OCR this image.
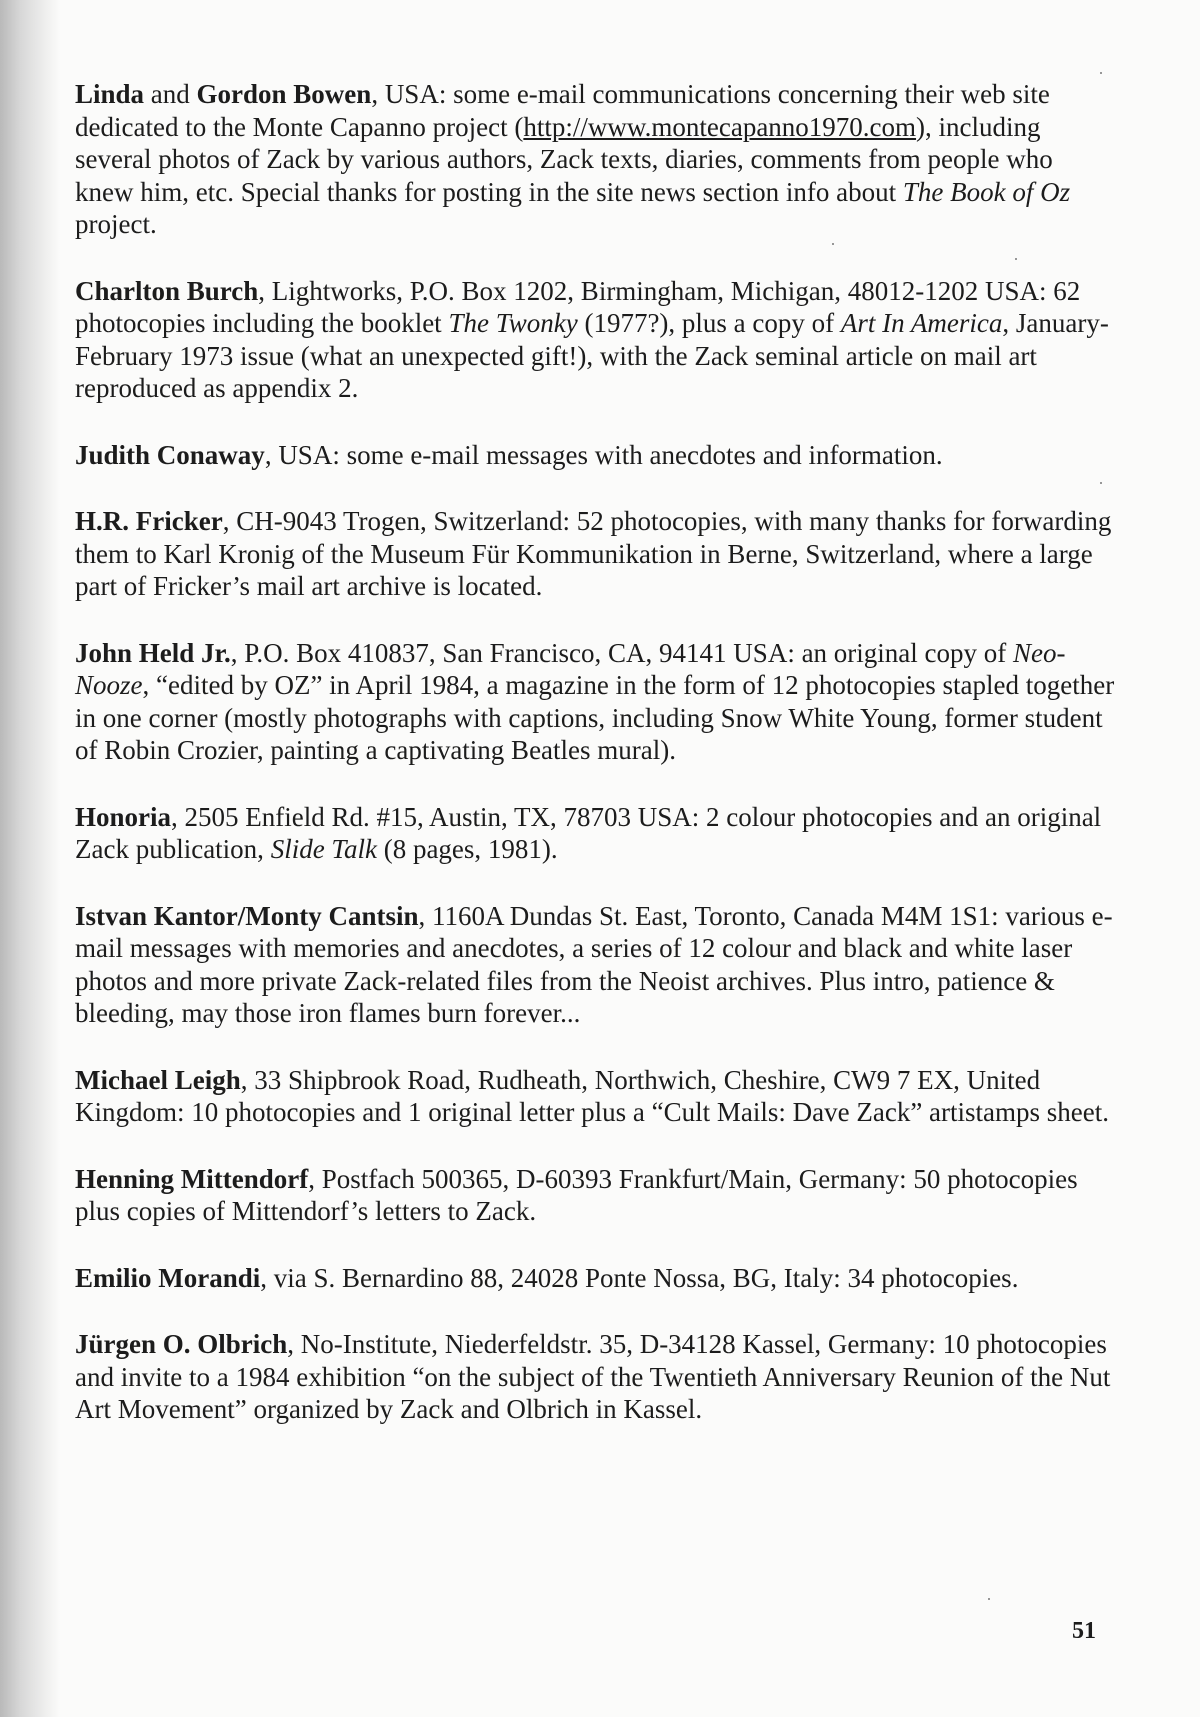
Linda and Gordon Bowen, USA: some e-mail communications concerning their web site dedicated to the Monte Capanno project (http://www.montecapanno1970.com), including several photos of Zack by various authors, Zack texts, diaries, comments from people who knew him, etc. Special thanks for posting in the site news section info about The Book of Oz project.

Charlton Burch, Lightworks, P.O. Box 1202, Birmingham, Michigan, 48012-1202 USA: 62 photocopies including the booklet The Twonky (1977?), plus a copy of Art In America, January-February 1973 issue (what an unexpected gift!), with the Zack seminal article on mail art reproduced as appendix 2.

Judith Conaway, USA: some e-mail messages with anecdotes and information.

H.R. Fricker, CH-9043 Trogen, Switzerland: 52 photocopies, with many thanks for forwarding them to Karl Kronig of the Museum Für Kommunikation in Berne, Switzerland, where a large part of Fricker’s mail art archive is located.

John Held Jr., P.O. Box 410837, San Francisco, CA, 94141 USA: an original copy of Neo-Nooze, “edited by OZ” in April 1984, a magazine in the form of 12 photocopies stapled together in one corner (mostly photographs with captions, including Snow White Young, former student of Robin Crozier, painting a captivating Beatles mural).

Honoria, 2505 Enfield Rd. #15, Austin, TX, 78703 USA: 2 colour photocopies and an original Zack publication, Slide Talk (8 pages, 1981).

Istvan Kantor/Monty Cantsin, 1160A Dundas St. East, Toronto, Canada M4M 1S1: various e-mail messages with memories and anecdotes, a series of 12 colour and black and white laser photos and more private Zack-related files from the Neoist archives. Plus intro, patience & bleeding, may those iron flames burn forever...

Michael Leigh, 33 Shipbrook Road, Rudheath, Northwich, Cheshire, CW9 7 EX, United Kingdom: 10 photocopies and 1 original letter plus a “Cult Mails: Dave Zack” artistamps sheet.

Henning Mittendorf, Postfach 500365, D-60393 Frankfurt/Main, Germany: 50 photocopies plus copies of Mittendorf’s letters to Zack.

Emilio Morandi, via S. Bernardino 88, 24028 Ponte Nossa, BG, Italy: 34 photocopies.

Jürgen O. Olbrich, No-Institute, Niederfeldstr. 35, D-34128 Kassel, Germany: 10 photocopies and invite to a 1984 exhibition “on the subject of the Twentieth Anniversary Reunion of the Nut Art Movement” organized by Zack and Olbrich in Kassel.

51
